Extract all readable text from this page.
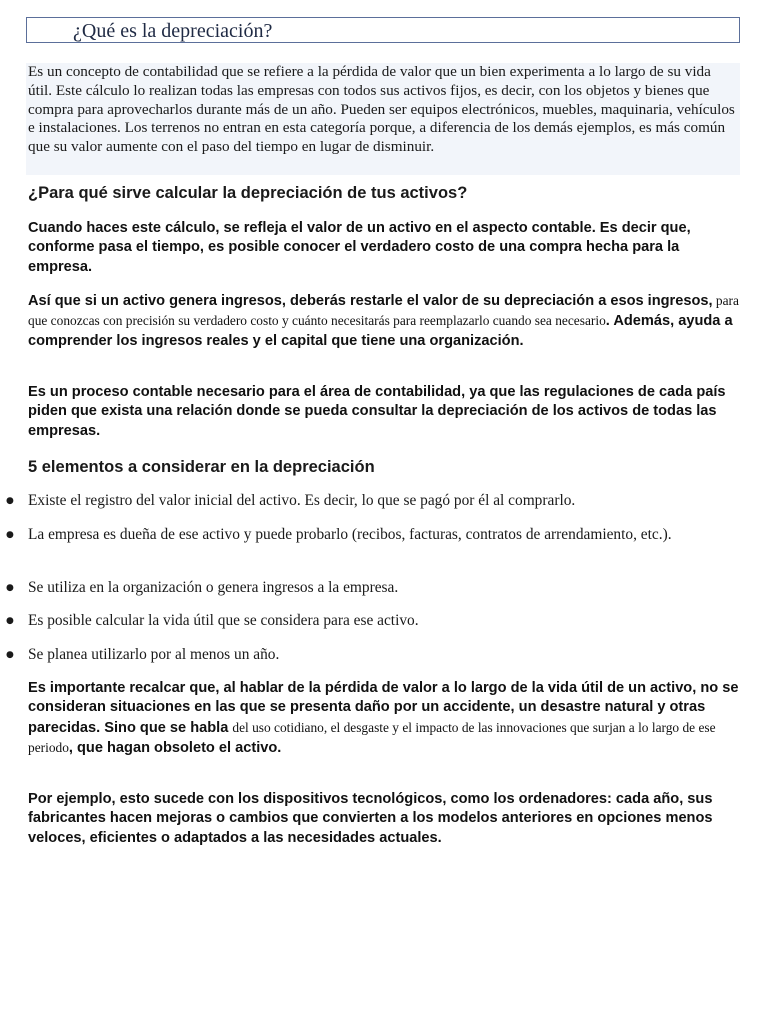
¿Qué es la depreciación?
Es un concepto de contabilidad que se refiere a la pérdida de valor que un bien experimenta a lo largo de su vida útil. Este cálculo lo realizan todas las empresas con todos sus activos fijos, es decir, con los objetos y bienes que compra para aprovecharlos durante más de un año. Pueden ser equipos electrónicos, muebles, maquinaria, vehículos e instalaciones. Los terrenos no entran en esta categoría porque, a diferencia de los demás ejemplos, es más común que su valor aumente con el paso del tiempo en lugar de disminuir.
¿Para qué sirve calcular la depreciación de tus activos?
Cuando haces este cálculo, se refleja el valor de un activo en el aspecto contable. Es decir que, conforme pasa el tiempo, es posible conocer el verdadero costo de una compra hecha para la empresa.
Así que si un activo genera ingresos, deberás restarle el valor de su depreciación a esos ingresos, para que conozcas con precisión su verdadero costo y cuánto necesitarás para reemplazarlo cuando sea necesario. Además, ayuda a comprender los ingresos reales y el capital que tiene una organización.
Es un proceso contable necesario para el área de contabilidad, ya que las regulaciones de cada país piden que exista una relación donde se pueda consultar la depreciación de los activos de todas las empresas.
5 elementos a considerar en la depreciación
● Existe el registro del valor inicial del activo. Es decir, lo que se pagó por él al comprarlo.
● La empresa es dueña de ese activo y puede probarlo (recibos, facturas, contratos de arrendamiento, etc.).
● Se utiliza en la organización o genera ingresos a la empresa.
● Es posible calcular la vida útil que se considera para ese activo.
● Se planea utilizarlo por al menos un año.
Es importante recalcar que, al hablar de la pérdida de valor a lo largo de la vida útil de un activo, no se consideran situaciones en las que se presenta daño por un accidente, un desastre natural y otras parecidas. Sino que se habla del uso cotidiano, el desgaste y el impacto de las innovaciones que surjan a lo largo de ese periodo, que hagan obsoleto el activo.
Por ejemplo, esto sucede con los dispositivos tecnológicos, como los ordenadores: cada año, sus fabricantes hacen mejoras o cambios que convierten a los modelos anteriores en opciones menos veloces, eficientes o adaptados a las necesidades actuales.
